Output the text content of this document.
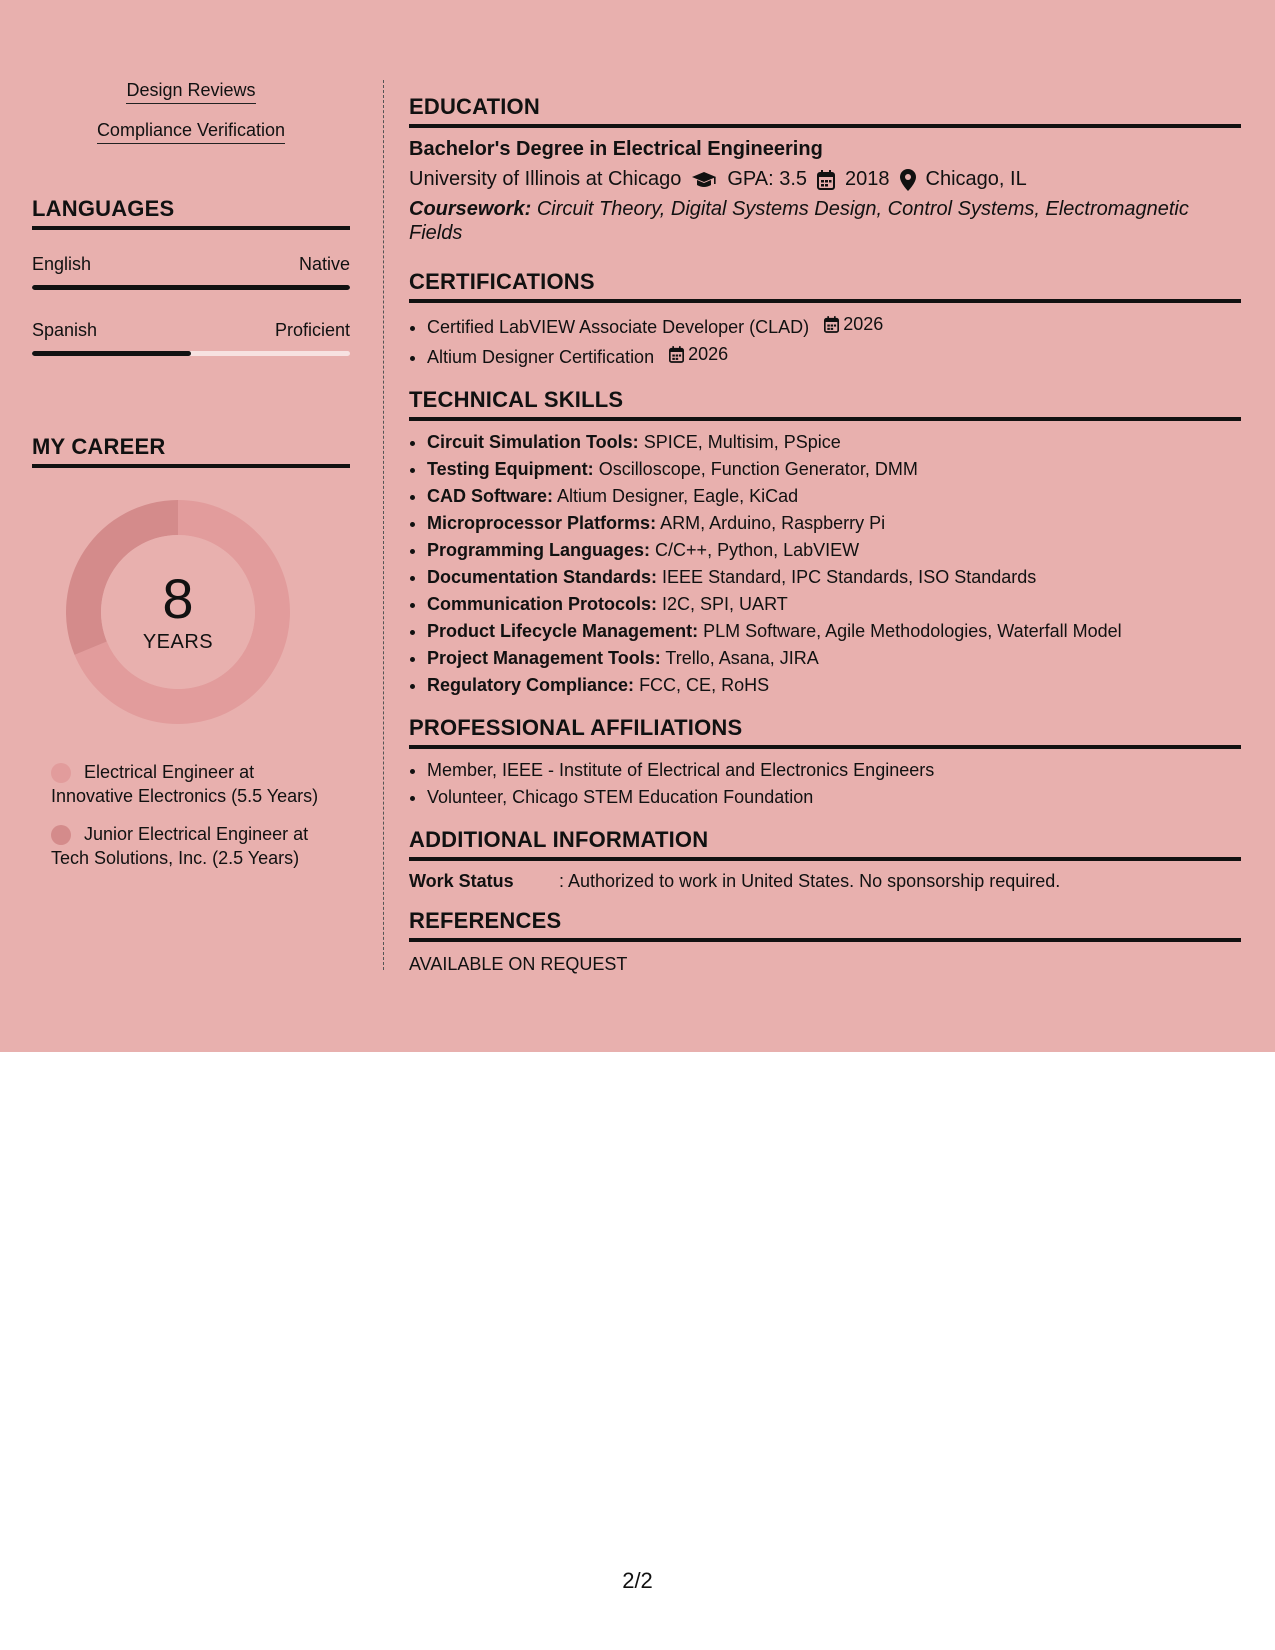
Design Reviews
Compliance Verification
LANGUAGES
English	Native
Spanish	Proficient
MY CAREER
8
YEARS
Electrical Engineer at Innovative Electronics (5.5 Years)
Junior Electrical Engineer at Tech Solutions, Inc. (2.5 Years)
EDUCATION
Bachelor's Degree in Electrical Engineering
University of Illinois at Chicago GPA: 3.5 2018 Chicago, IL
Coursework: Circuit Theory, Digital Systems Design, Control Systems, Electromagnetic Fields
CERTIFICATIONS
• Certified LabVIEW Associate Developer (CLAD) 2026
• Altium Designer Certification 2026
TECHNICAL SKILLS
• Circuit Simulation Tools: SPICE, Multisim, PSpice
• Testing Equipment: Oscilloscope, Function Generator, DMM
• CAD Software: Altium Designer, Eagle, KiCad
• Microprocessor Platforms: ARM, Arduino, Raspberry Pi
• Programming Languages: C/C++, Python, LabVIEW
• Documentation Standards: IEEE Standard, IPC Standards, ISO Standards
• Communication Protocols: I2C, SPI, UART
• Product Lifecycle Management: PLM Software, Agile Methodologies, Waterfall Model
• Project Management Tools: Trello, Asana, JIRA
• Regulatory Compliance: FCC, CE, RoHS
PROFESSIONAL AFFILIATIONS
• Member, IEEE - Institute of Electrical and Electronics Engineers
• Volunteer, Chicago STEM Education Foundation
ADDITIONAL INFORMATION
Work Status	: Authorized to work in United States. No sponsorship required.
REFERENCES
AVAILABLE ON REQUEST
2/2
